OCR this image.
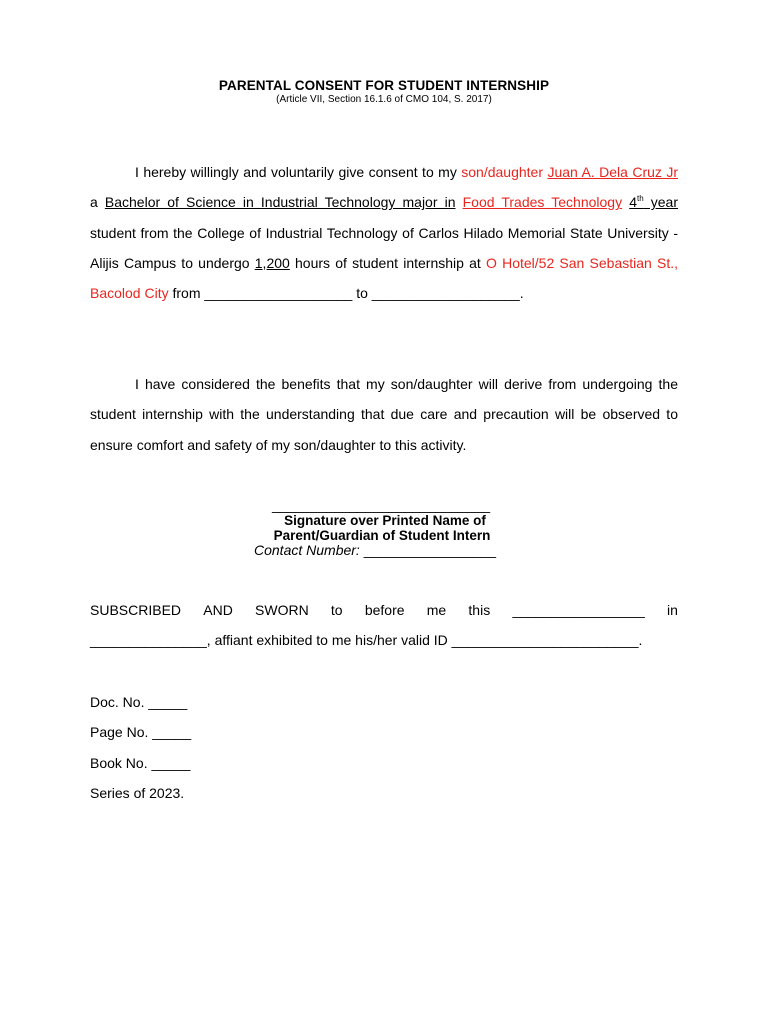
PARENTAL CONSENT FOR STUDENT INTERNSHIP
(Article VII, Section 16.1.6 of CMO 104, S. 2017)
I hereby willingly and voluntarily give consent to my son/daughter Juan A. Dela Cruz Jr a Bachelor of Science in Industrial Technology major in Food Trades Technology 4th year student from the College of Industrial Technology of Carlos Hilado Memorial State University - Alijis Campus to undergo 1,200 hours of student internship at O Hotel/52 San Sebastian St., Bacolod City from ___________________ to ___________________.
I have considered the benefits that my son/daughter will derive from undergoing the student internship with the understanding that due care and precaution will be observed to ensure comfort and safety of my son/daughter to this activity.
____________________________
Signature over Printed Name of
Parent/Guardian of Student Intern
Contact Number: _________________
SUBSCRIBED AND SWORN to before me this _________________ in
_______________, affiant exhibited to me his/her valid ID ________________________.
Doc. No. _____
Page No. _____
Book No. _____
Series of 2023.
